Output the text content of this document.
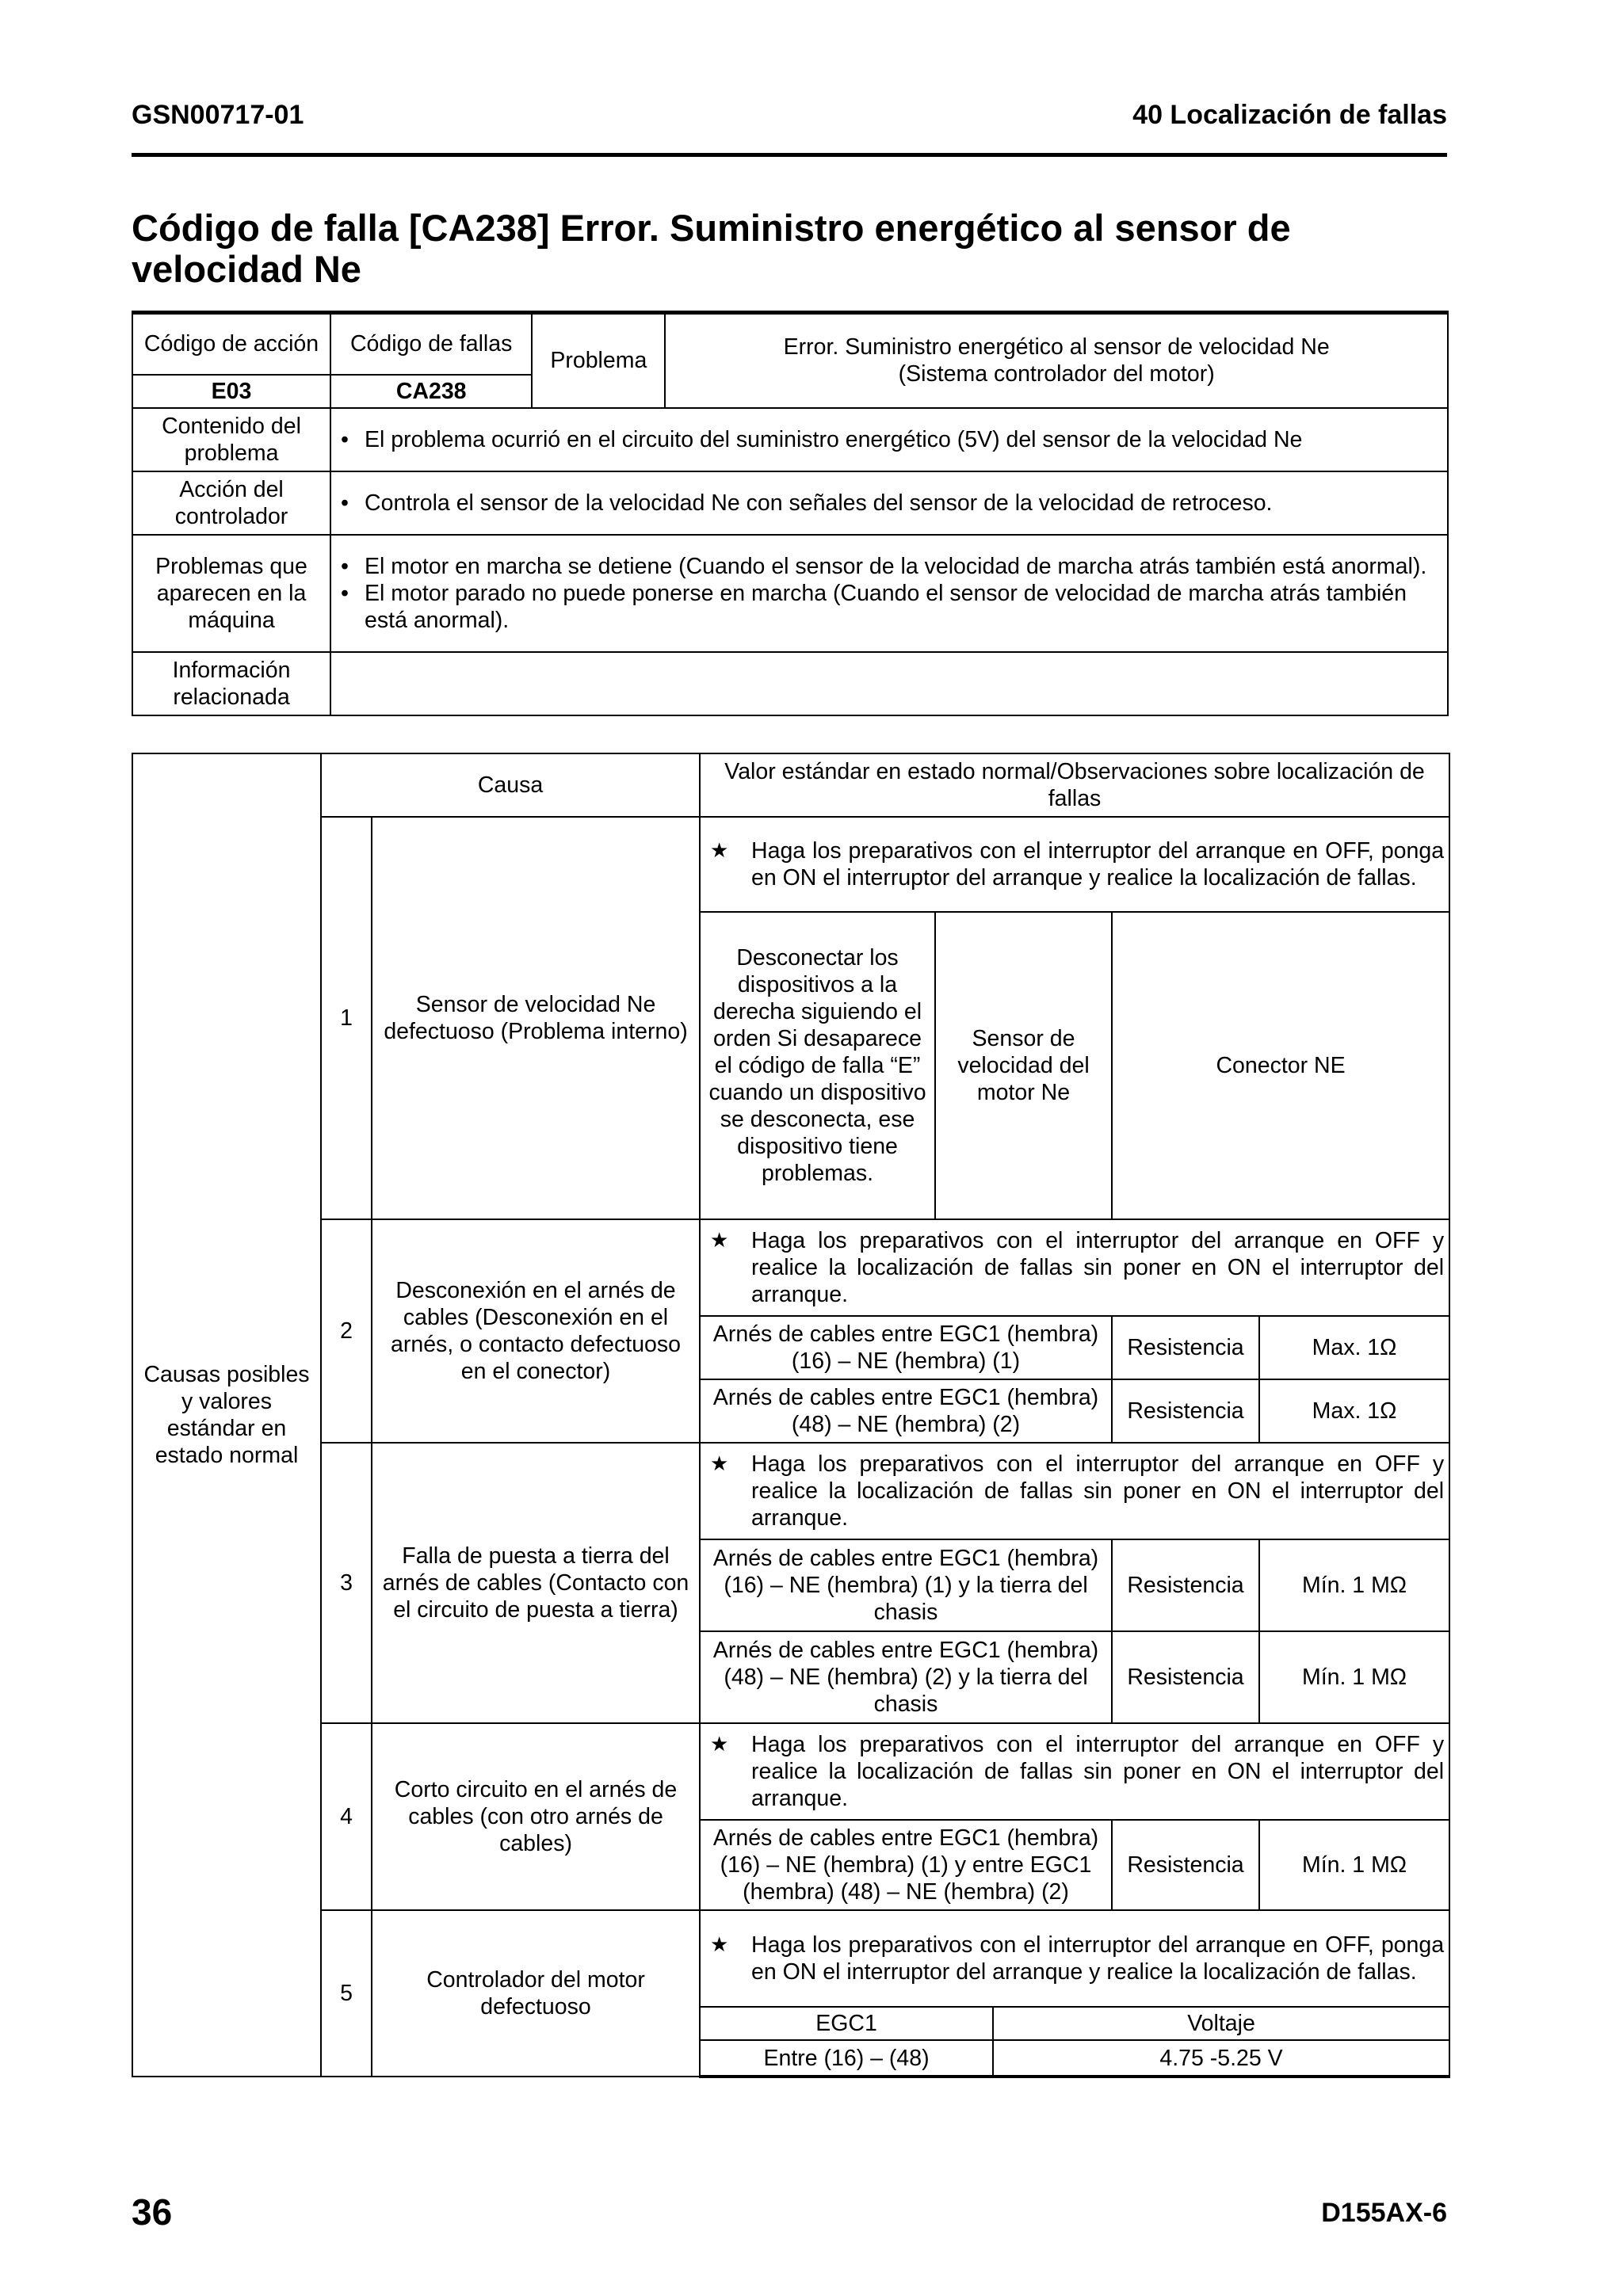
GSN00717-01	40 Localización de fallas
Código de falla [CA238] Error. Suministro energético al sensor de velocidad Ne
Código de acción	Código de fallas	Problema	Error. Suministro energético al sensor de velocidad Ne
(Sistema controlador del motor)

E03	CA238		
Contenido del problema	• El problema ocurrió en el circuito del suministro energético (5V) del sensor de la velocidad Ne

Acción del controlador	• Controla el sensor de la velocidad Ne con señales del sensor de la velocidad de retroceso.

Problemas que aparecen en la máquina	• El motor en marcha se detiene (Cuando el sensor de la velocidad de marcha atrás también está anormal).
• El motor parado no puede ponerse en marcha (Cuando el sensor de velocidad de marcha atrás también está anormal).

Información relacionada			
Causas posibles y valores estándar en estado normal	Causa		Valor estándar en estado normal/Observaciones sobre localización de fallas				
	1	Sensor de velocidad Ne defectuoso (Problema interno)	★ Haga los preparativos con el interruptor del arranque en OFF, ponga en ON el interruptor del arranque y realice la localización de fallas.

			Desconectar los dispositivos a la derecha siguiendo el orden Si desaparece el código de falla “E” cuando un dispositivo se desconecta, ese dispositivo tiene problemas.	Sensor de velocidad del motor Ne		Conector NE	
	2	Desconexión en el arnés de cables (Desconexión en el arnés, o contacto defectuoso en el conector)	★ Haga los preparativos con el interruptor del arranque en OFF y realice la localización de fallas sin poner en ON el interruptor del arranque.

			Arnés de cables entre EGC1 (hembra) (16) – NE (hembra) (1)			Resistencia	Max. 1Ω
			Arnés de cables entre EGC1 (hembra) (48) – NE (hembra) (2)			Resistencia	Max. 1Ω
	3	Falla de puesta a tierra del arnés de cables (Contacto con el circuito de puesta a tierra)	★ Haga los preparativos con el interruptor del arranque en OFF y realice la localización de fallas sin poner en ON el interruptor del arranque.

			Arnés de cables entre EGC1 (hembra) (16) – NE (hembra) (1) y la tierra del chasis			Resistencia	Mín. 1 MΩ
			Arnés de cables entre EGC1 (hembra) (48) – NE (hembra) (2) y la tierra del chasis			Resistencia	Mín. 1 MΩ
	4	Corto circuito en el arnés de cables (con otro arnés de cables)	★ Haga los preparativos con el interruptor del arranque en OFF y realice la localización de fallas sin poner en ON el interruptor del arranque.

			Arnés de cables entre EGC1 (hembra) (16) – NE (hembra) (1) y entre EGC1 (hembra) (48) – NE (hembra) (2)			Resistencia	Mín. 1 MΩ
	5	Controlador del motor defectuoso	★ Haga los preparativos con el interruptor del arranque en OFF, ponga en ON el interruptor del arranque y realice la localización de fallas.

			EGC1		Voltaje		
			Entre (16) – (48)		4.75 -5.25 V		
36	D155AX-6
